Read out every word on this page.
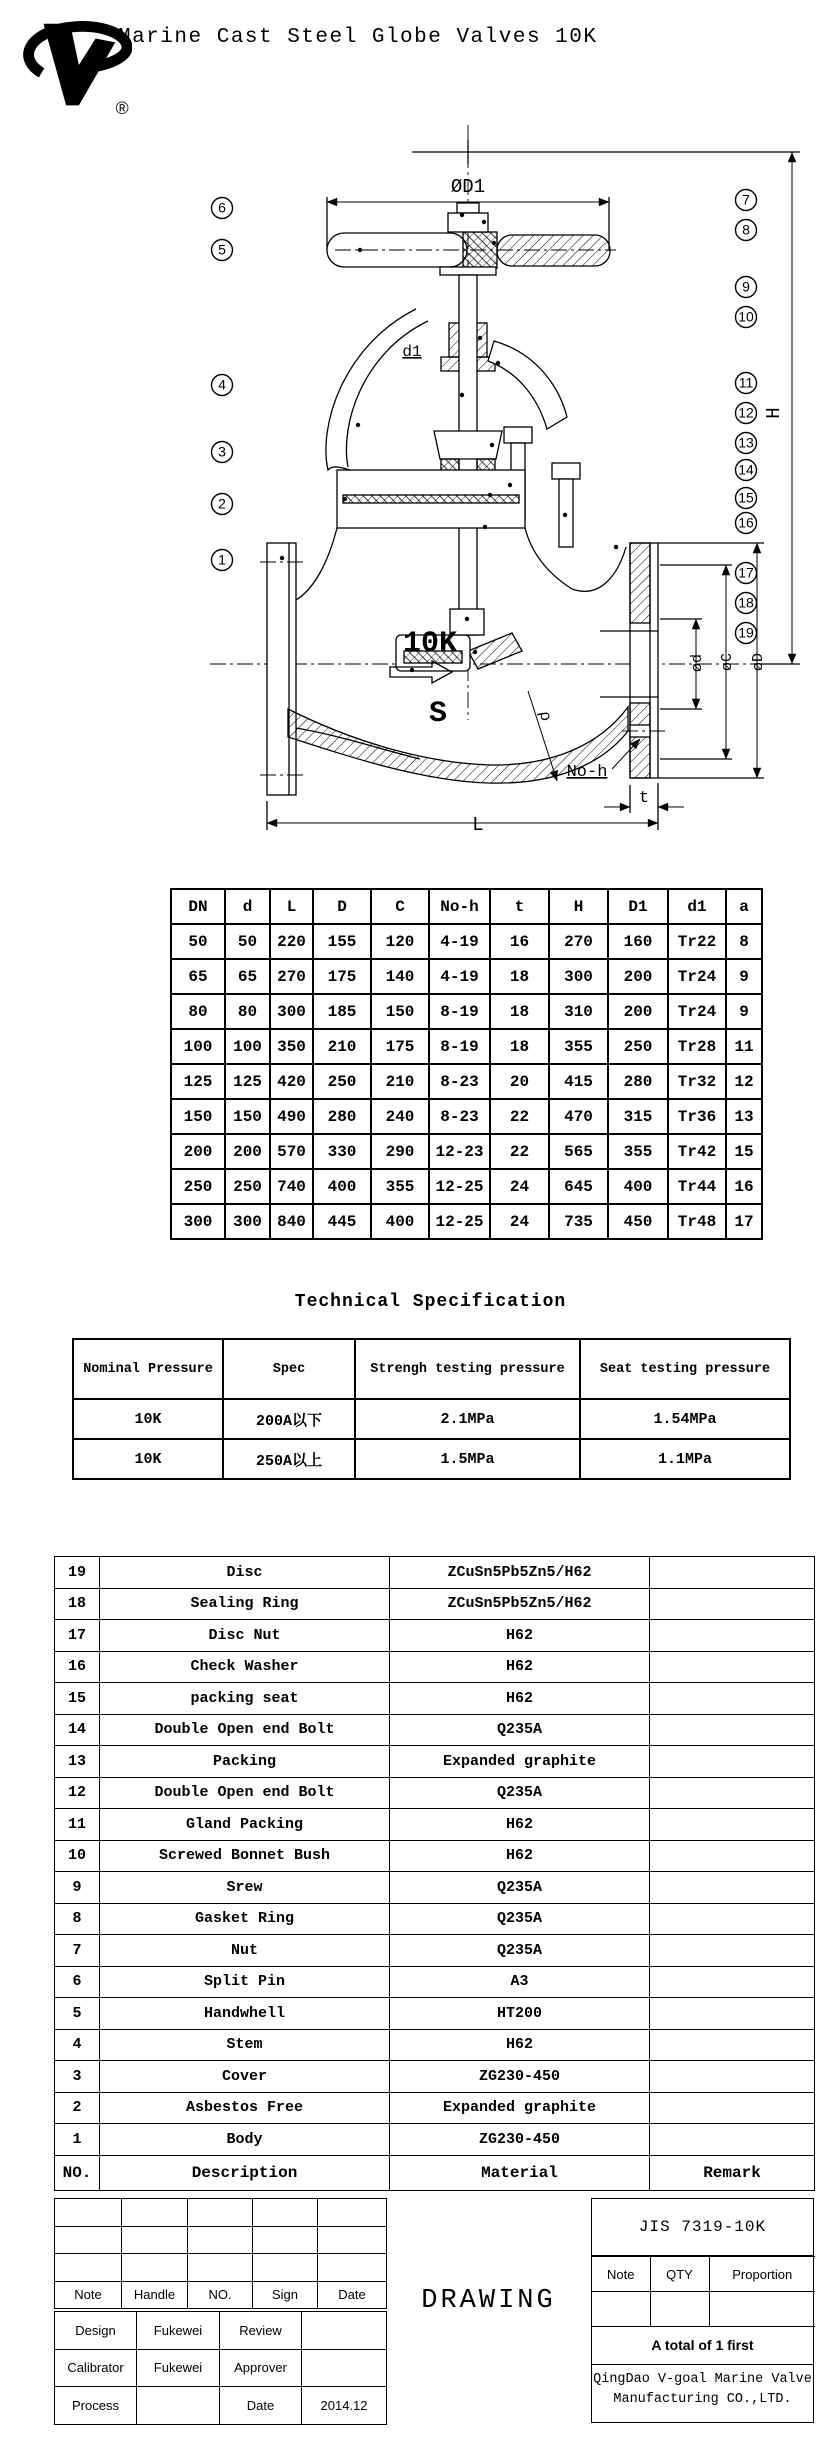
®
Marine Cast Steel Globe Valves 10K
1
2
3
4
5
6	7
8
9
10
11
12
13
14
15
16
17
18
19
ØD1
d1
H
10K
S	ρ
No-h
t
L
ød øC øD
DN	d	L	D	C	No-h	t	H	D1	d1	a
50	50	220	155	120	4-19	16	270	160	Tr22	8
65	65	270	175	140	4-19	18	300	200	Tr24	9
80	80	300	185	150	8-19	18	310	200	Tr24	9
100	100	350	210	175	8-19	18	355	250	Tr28	11
125	125	420	250	210	8-23	20	415	280	Tr32	12
150	150	490	280	240	8-23	22	470	315	Tr36	13
200	200	570	330	290	12-23	22	565	355	Tr42	15
250	250	740	400	355	12-25	24	645	400	Tr44	16
300	300	840	445	400	12-25	24	735	450	Tr48	17
Technical Specification
Nominal Pressure	Spec	Strengh testing pressure	Seat testing pressure
10K	200A以下	2.1MPa	1.54MPa
10K	250A以上	1.5MPa	1.1MPa
19	Disc	ZCuSn5Pb5Zn5/H62	
18	Sealing Ring	ZCuSn5Pb5Zn5/H62	
17	Disc Nut	H62	
16	Check Washer	H62	
15	packing seat	H62	
14	Double Open end Bolt	Q235A	
13	Packing	Expanded graphite	
12	Double Open end Bolt	Q235A	
11	Gland Packing	H62	
10	Screwed Bonnet Bush	H62	
9	Srew	Q235A	
8	Gasket Ring	Q235A	
7	Nut	Q235A	
6	Split Pin	A3	
5	Handwhell	HT200	
4	Stem	H62	
3	Cover	ZG230-450	
2	Asbestos Free	Expanded graphite	
1	Body	ZG230-450	
NO.	Description	Material	Remark

Note	Handle	NO.	Sign	Date
Design	Fukewei	Review	
Calibrator	Fukewei	Approver	
Process		Date	2014.12
DRAWING
JIS 7319-10K
Note	QTY	Proportion

A total of 1 first
QingDao V-goal Marine Valve
Manufacturing CO.,LTD.
